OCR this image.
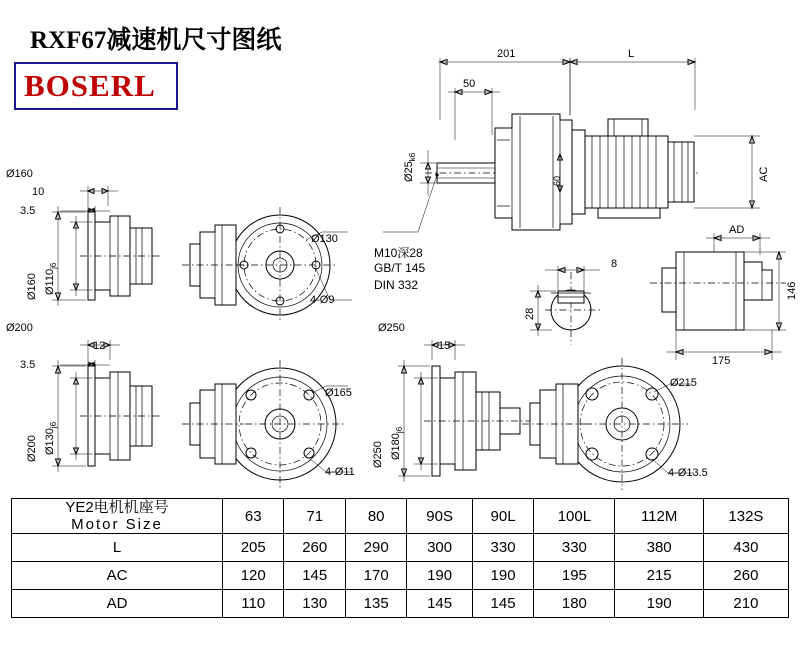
RXF67减速机尺寸图纸
BOSERL
201	L
50
$Ø25_{k6}$
60	AC
M10深28
GB/T 145
DIN 332
8
28
AD
146
175
Ø160
10
3.5
Ø160 $Ø110_{j6}$
Ø130
4-Ø9
Ø200
12
3.5
Ø200 $Ø130_{j6}$
Ø165
4-Ø11
Ø250
15
Ø250 $Ø180_{j6}$
Ø215
4-Ø13.5
YE2电机机座号
Motor Size	63	71	80	90S	90L	100L	112M	132S
L	205	260	290	300	330	330	380	430
AC	120	145	170	190	190	195	215	260
AD	110	130	135	145	145	180	190	210
